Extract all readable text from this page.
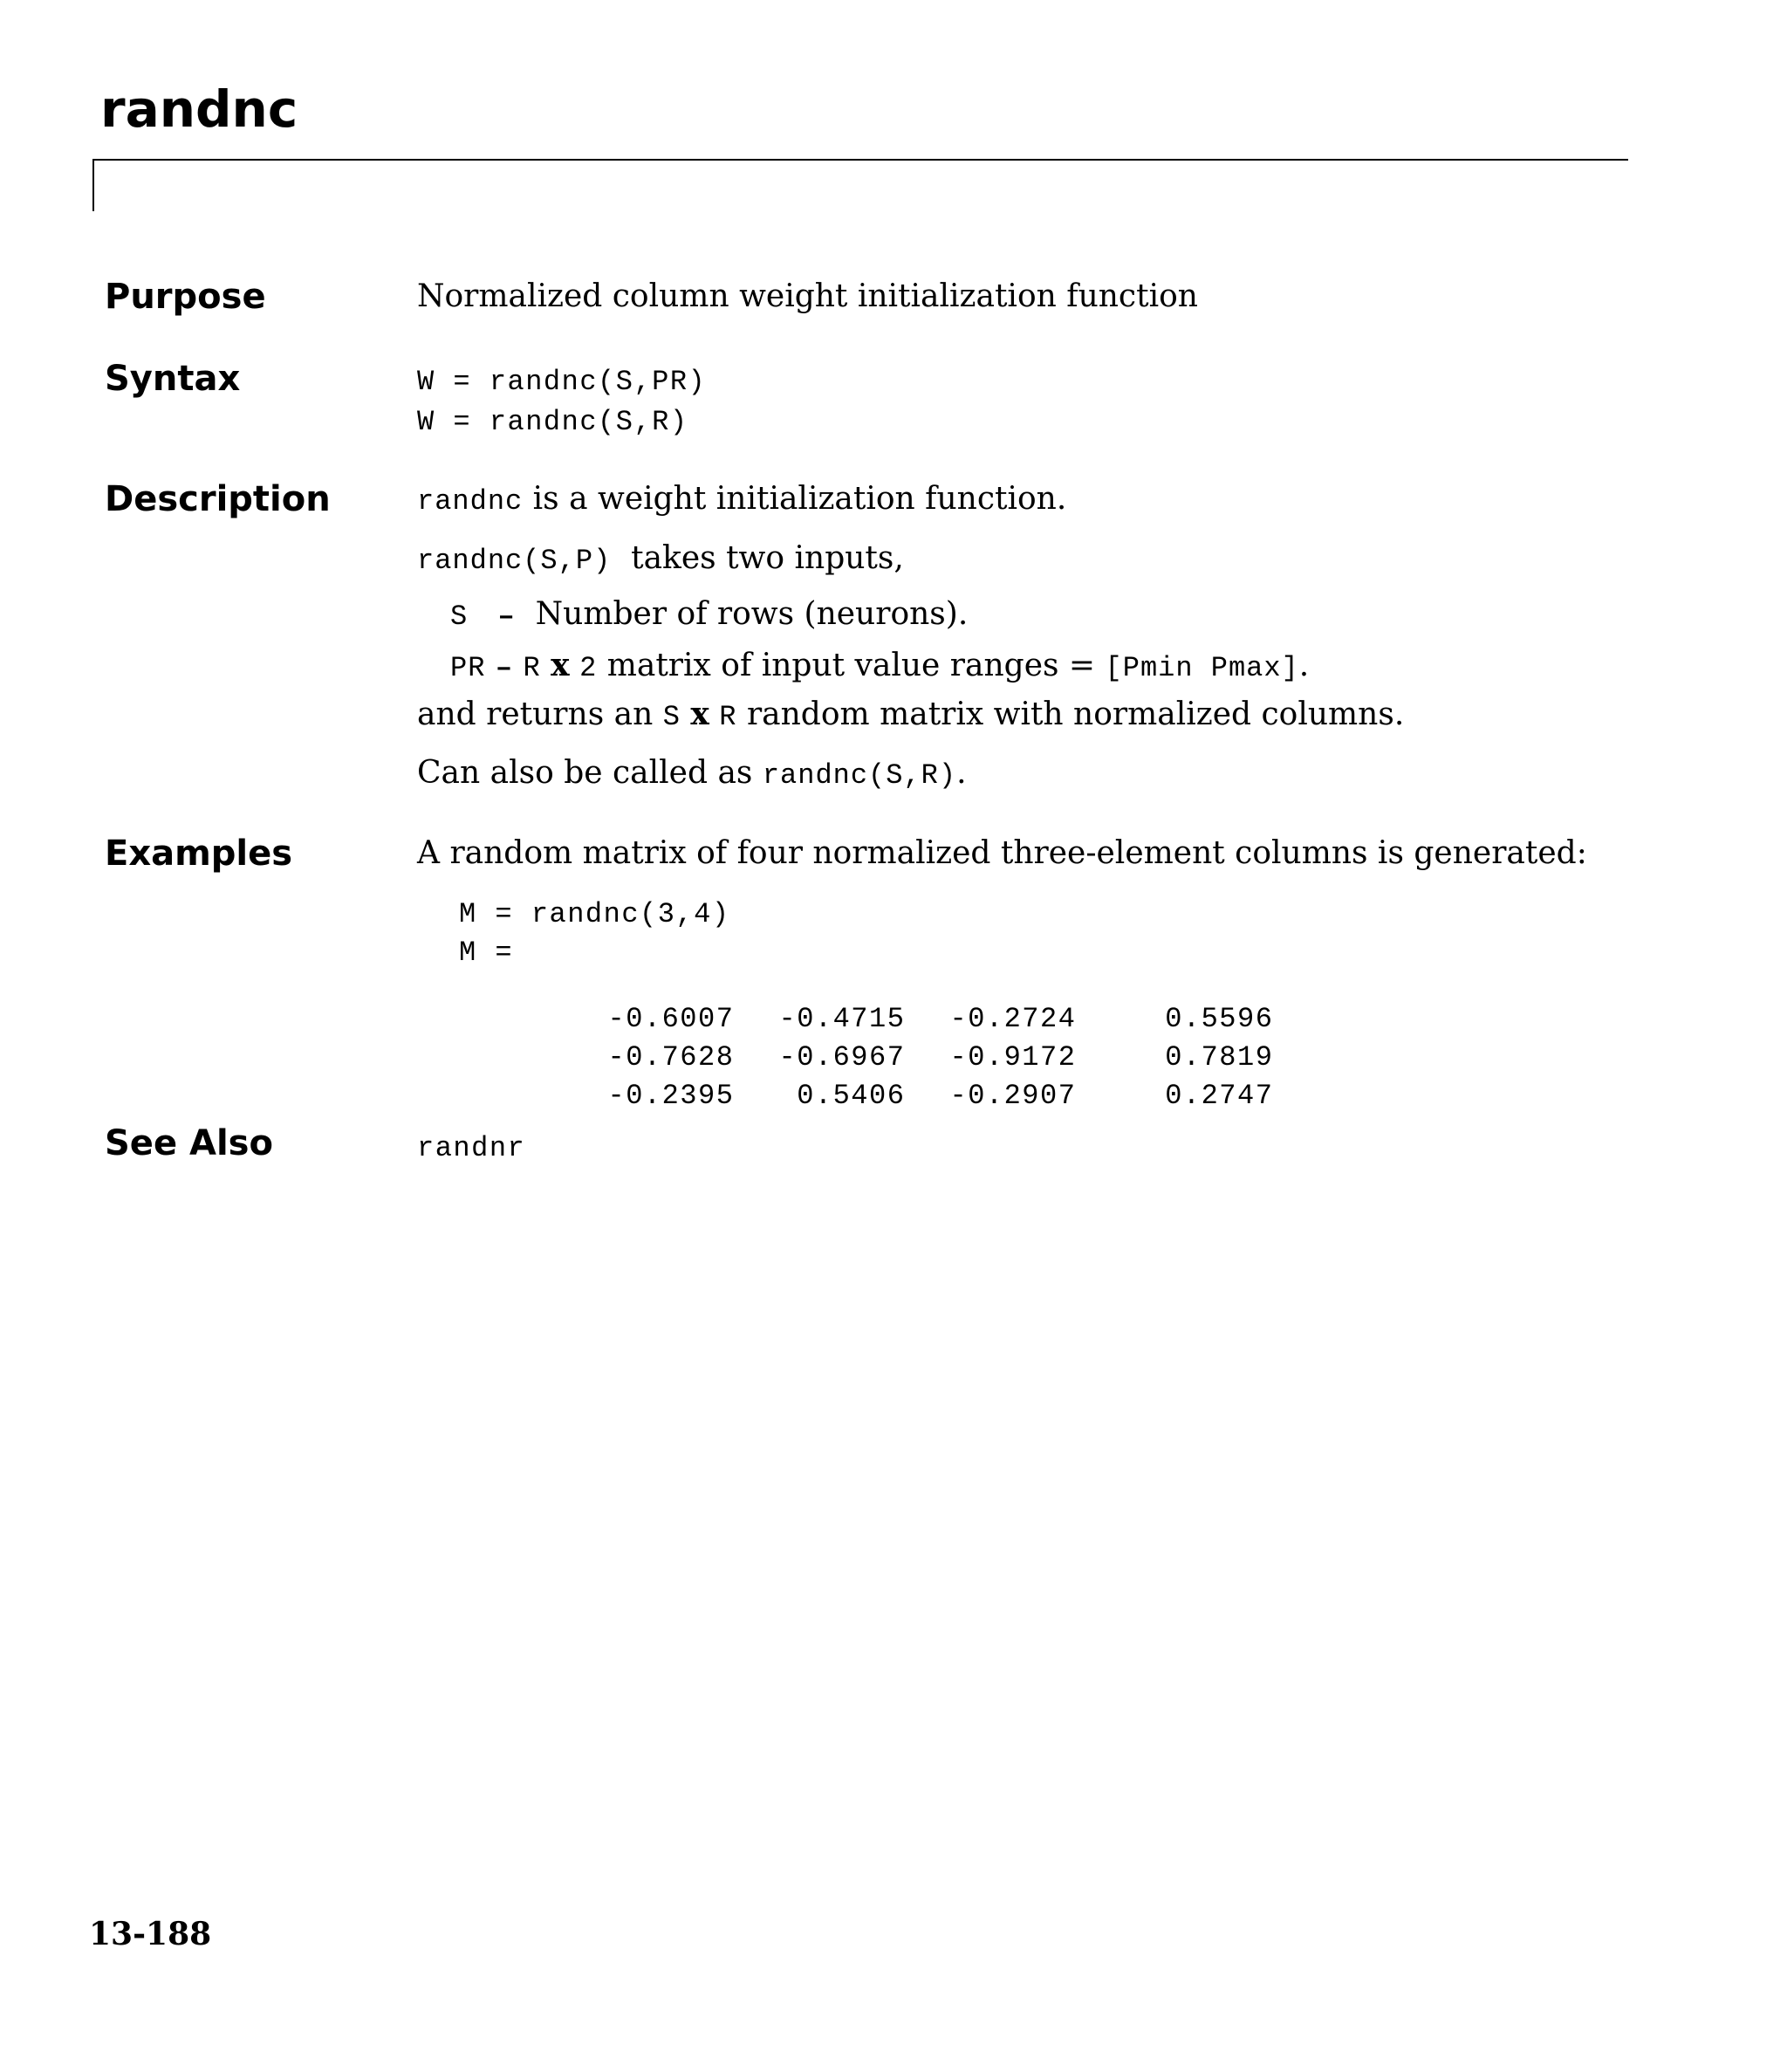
randnc
Purpose	Normalized column weight initialization function
Syntax	W = randnc(S,PR)
W = randnc(S,R)
Description	randnc is a weight initialization function.
randnc(S,P) takes two inputs,
S – Number of rows (neurons).
PR – R x 2 matrix of input value ranges = [Pmin Pmax].
and returns an S x R random matrix with normalized columns.
Can also be called as randnc(S,R).
Examples	A random matrix of four normalized three-element columns is generated:
M = randnc(3,4)
M =

-0.6007 -0.4715 -0.2724	0.5596

-0.7628 -0.6967 -0.9172	0.7819

-0.2395 0.5406 -0.2907	0.2747

See Also	randnr
13-188
